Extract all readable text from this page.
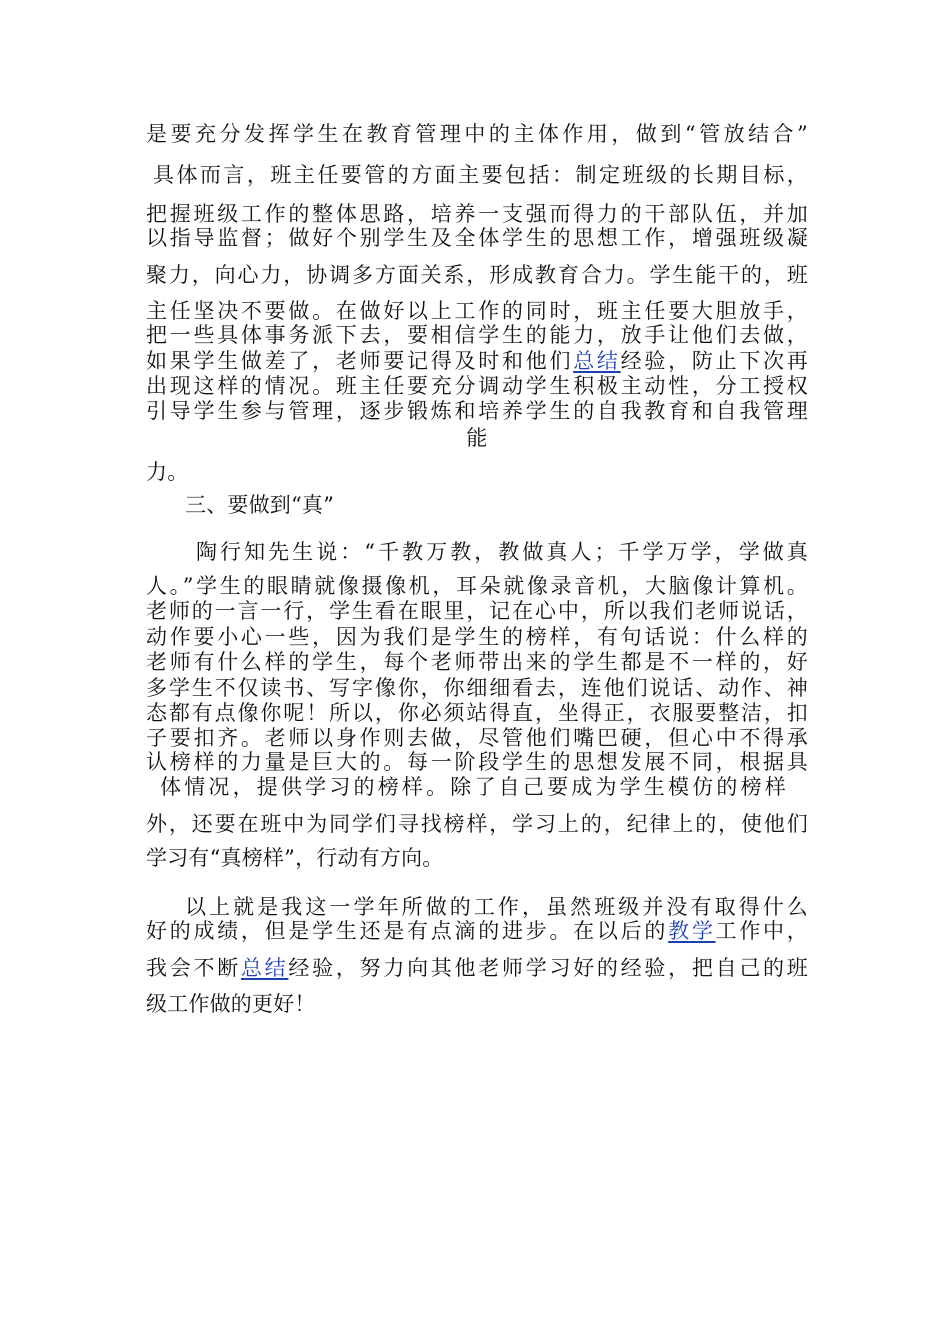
是要充分发挥学生在教育管理中的主体作用，做到“管放结合”
具体而言，班主任要管的方面主要包括：制定班级的长期目标，
把握班级工作的整体思路，培养一支强而得力的干部队伍，并加
以指导监督；做好个别学生及全体学生的思想工作，增强班级凝
聚力，向心力，协调多方面关系，形成教育合力。学生能干的，班
主任坚决不要做。在做好以上工作的同时，班主任要大胆放手，
把一些具体事务派下去，要相信学生的能力，放手让他们去做，
如果学生做差了，老师要记得及时和他们总结经验，防止下次再
出现这样的情况。班主任要充分调动学生积极主动性，分工授权
引导学生参与管理，逐步锻炼和培养学生的自我教育和自我管理
能
力。
三、要做到“真”
陶行知先生说：“千教万教，教做真人；千学万学，学做真
人。”学生的眼睛就像摄像机，耳朵就像录音机，大脑像计算机。
老师的一言一行，学生看在眼里，记在心中，所以我们老师说话，
动作要小心一些，因为我们是学生的榜样，有句话说：什么样的
老师有什么样的学生，每个老师带出来的学生都是不一样的，好
多学生不仅读书、写字像你，你细细看去，连他们说话、动作、神
态都有点像你呢！所以，你必须站得直，坐得正，衣服要整洁，扣
子要扣齐。老师以身作则去做，尽管他们嘴巴硬，但心中不得承
认榜样的力量是巨大的。每一阶段学生的思想发展不同，根据具
体情况，提供学习的榜样。除了自己要成为学生模仿的榜样
外，还要在班中为同学们寻找榜样，学习上的，纪律上的，使他们
学习有“真榜样”，行动有方向。
以上就是我这一学年所做的工作，虽然班级并没有取得什么
好的成绩，但是学生还是有点滴的进步。在以后的教学工作中，
我会不断总结经验，努力向其他老师学习好的经验，把自己的班
级工作做的更好！
